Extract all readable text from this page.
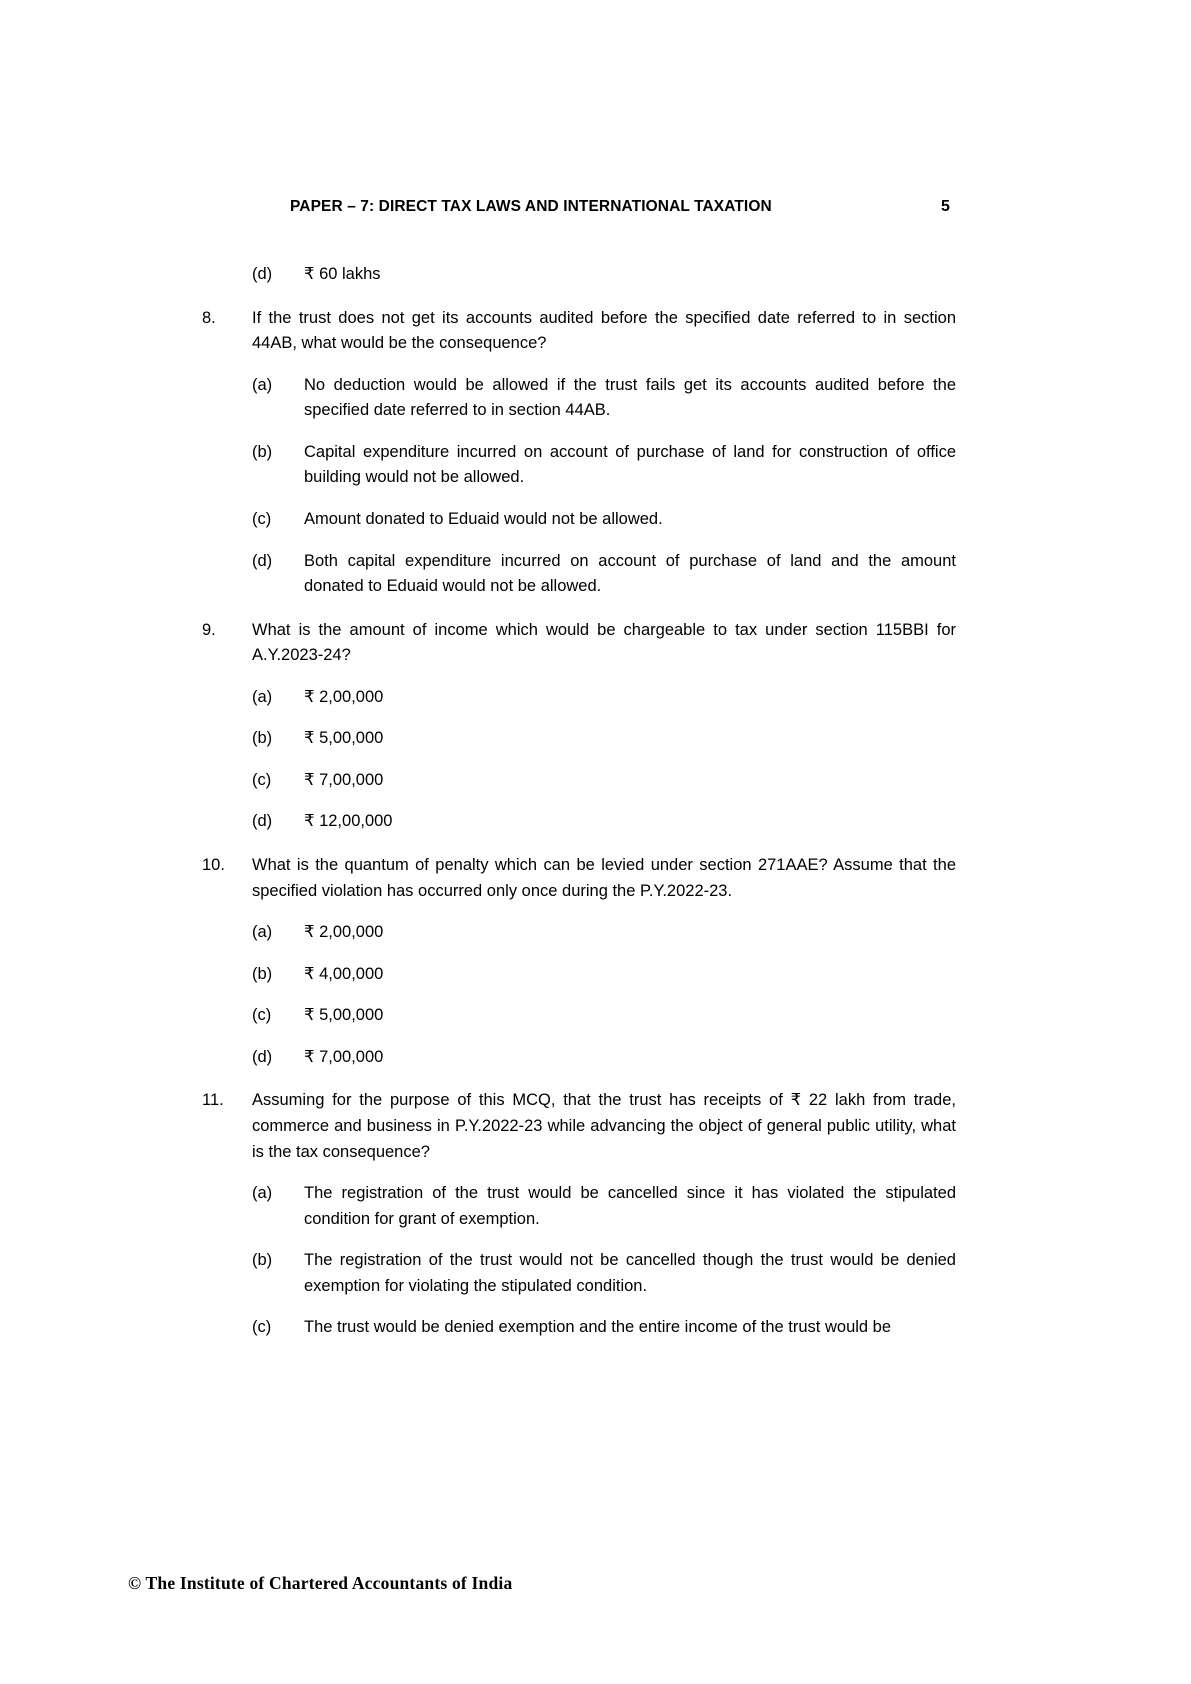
PAPER – 7: DIRECT TAX LAWS AND INTERNATIONAL TAXATION	5
(d)	₹ 60 lakhs
8.	If the trust does not get its accounts audited before the specified date referred to in section 44AB, what would be the consequence?
(a)	No deduction would be allowed if the trust fails get its accounts audited before the specified date referred to in section 44AB.
(b)	Capital expenditure incurred on account of purchase of land for construction of office building would not be allowed.
(c)	Amount donated to Eduaid would not be allowed.
(d)	Both capital expenditure incurred on account of purchase of land and the amount donated to Eduaid would not be allowed.
9.	What is the amount of income which would be chargeable to tax under section 115BBI for A.Y.2023-24?
(a)	₹ 2,00,000
(b)	₹ 5,00,000
(c)	₹ 7,00,000
(d)	₹ 12,00,000
10.	What is the quantum of penalty which can be levied under section 271AAE? Assume that the specified violation has occurred only once during the P.Y.2022-23.
(a)	₹ 2,00,000
(b)	₹ 4,00,000
(c)	₹ 5,00,000
(d)	₹ 7,00,000
11.	Assuming for the purpose of this MCQ, that the trust has receipts of ₹ 22 lakh from trade, commerce and business in P.Y.2022-23 while advancing the object of general public utility, what is the tax consequence?
(a)	The registration of the trust would be cancelled since it has violated the stipulated condition for grant of exemption.
(b)	The registration of the trust would not be cancelled though the trust would be denied exemption for violating the stipulated condition.
(c)	The trust would be denied exemption and the entire income of the trust would be
© The Institute of Chartered Accountants of India
